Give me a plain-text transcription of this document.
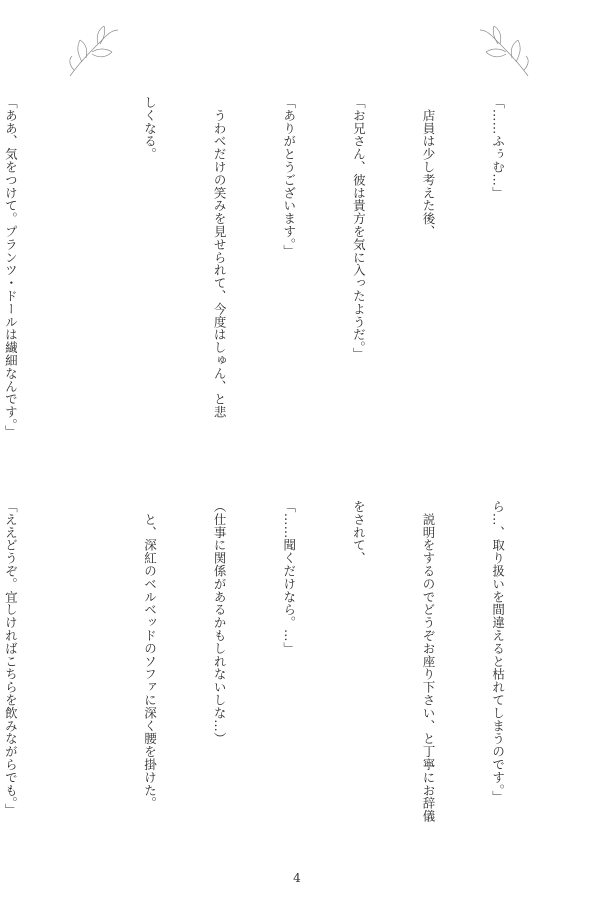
「……ふぅむ…」

　店員は少し考えた後、

「お兄さん、彼は貴方を気に入ったようだ。」

「ありがとうございます。」

　うわべだけの笑みを見せられて、今度はしゅん、と悲

しくなる。

「ああ、気をつけて。プランツ・ドールは繊細なんです。」

ら…、取り扱いを間違えると枯れてしまうのです。」

　説明をするのでどうぞお座り下さい、と丁寧にお辞儀

をされて、

「……聞くだけなら。…」

（仕事に関係があるかもしれないしな…）

　と、深紅のベルベッドのソファに深く腰を掛けた。

「ええどうぞ。宜しければこちらを飲みながらでも。」

4
